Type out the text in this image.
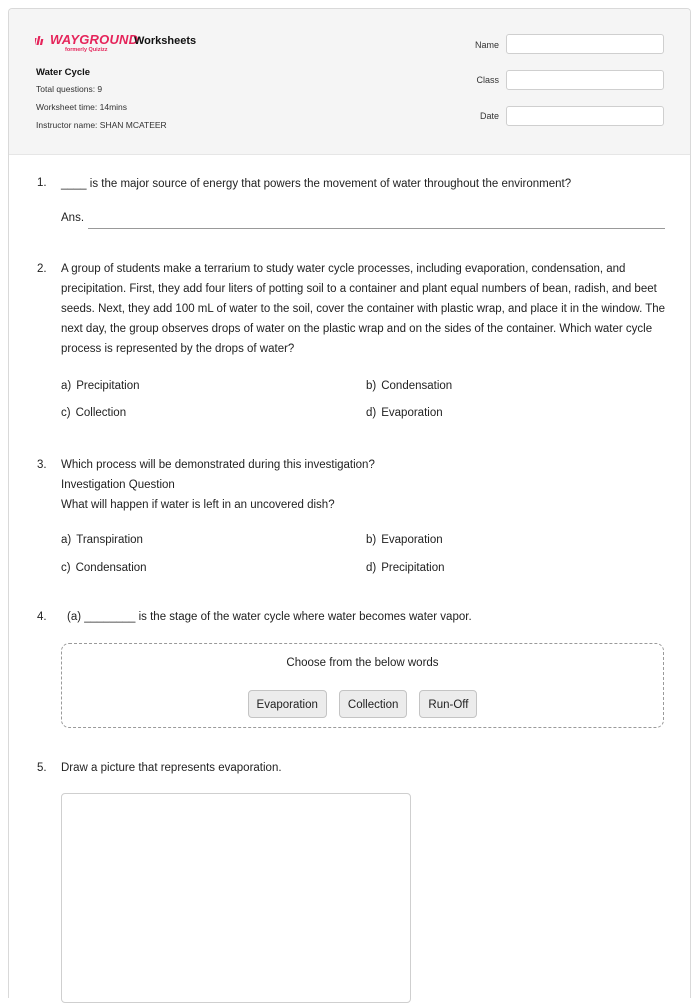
WAYGROUND
formerly Quizizz
Worksheets
Water Cycle
Total questions: 9
Worksheet time: 14mins
Instructor name: SHAN MCATEER
Name
Class
Date
1. ____ is the major source of energy that powers the movement of water throughout the environment?
Ans.
2. A group of students make a terrarium to study water cycle processes, including evaporation, condensation, and precipitation. First, they add four liters of potting soil to a container and plant equal numbers of bean, radish, and beet seeds. Next, they add 100 mL of water to the soil, cover the container with plastic wrap, and place it in the window. The next day, the group observes drops of water on the plastic wrap and on the sides of the container. Which water cycle process is represented by the drops of water?
a) Precipitation	b) Condensation
c) Collection	d) Evaporation
3. Which process will be demonstrated during this investigation?
Investigation Question
What will happen if water is left in an uncovered dish?
a) Transpiration	b) Evaporation
c) Condensation	d) Precipitation
4. (a) ________ is the stage of the water cycle where water becomes water vapor.
Choose from the below words
Evaporation	Collection	Run-Off
5. Draw a picture that represents evaporation.
